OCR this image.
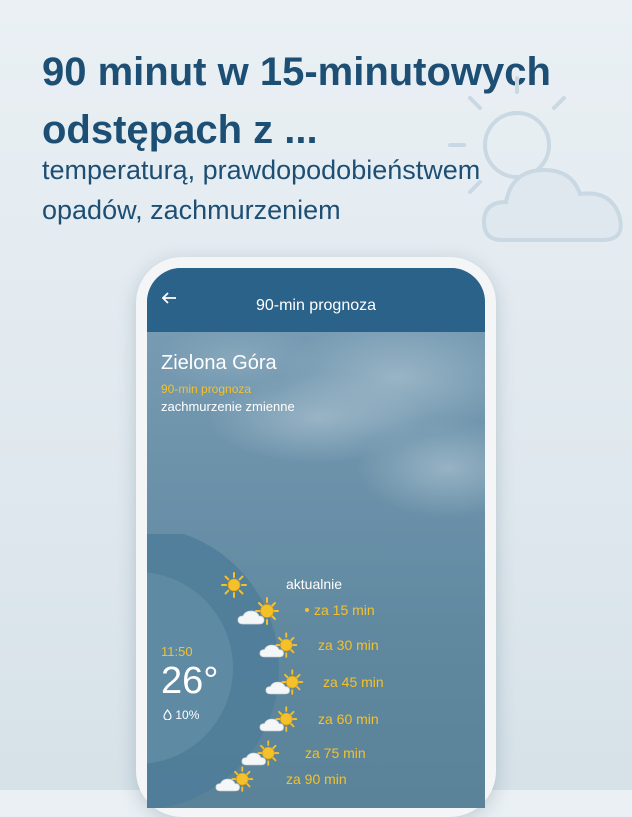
90 minut w 15-minutowych
odstępach z ...
temperaturą, prawdopodobieństwem
opadów, zachmurzeniem
90-min prognoza
Zielona Góra
90-min prognoza
zachmurzenie zmienne
11:50
26°
10%
aktualnie
za 15 min
za 30 min
za 45 min
za 60 min
za 75 min
za 90 min
